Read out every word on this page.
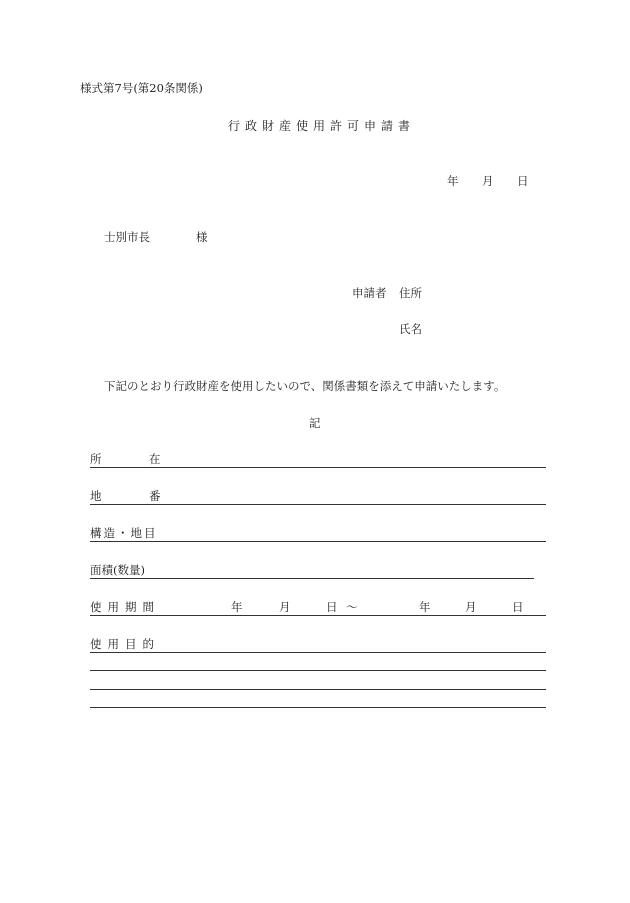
様式第7号(第20条関係)
行政財産使用許可申請書
年 月 日
士別市長	様
申請者 住所
氏名
下記のとおり行政財産を使用したいので、関係書類を添えて申請いたします。
記
所	在
地	番
構造・地目
面積(数量)
使用期間	年	月	日 〜	年	月	日
使用目的
